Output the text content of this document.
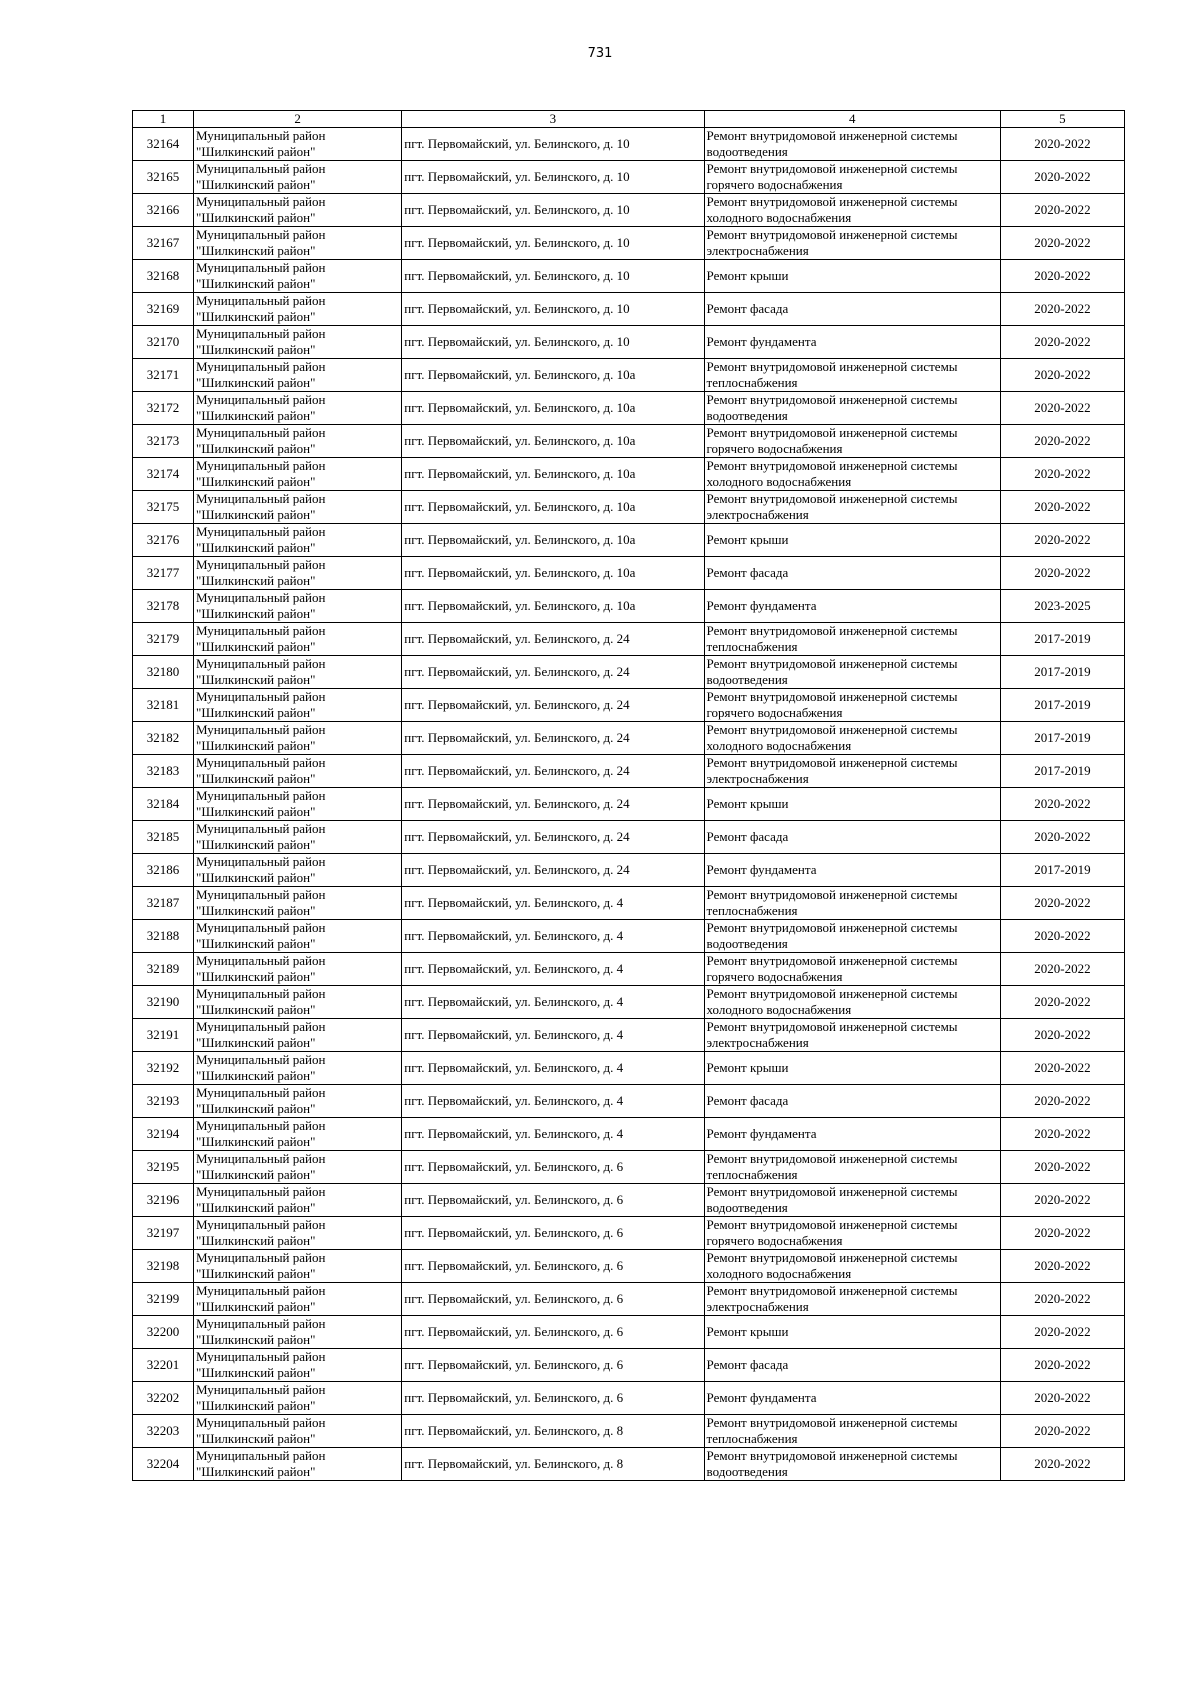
731
1	2	3	4	5
32164	Муниципальный район "Шилкинский район"	пгт. Первомайский, ул. Белинского, д. 10	Ремонт внутридомовой инженерной системы водоотведения	2020-2022
32165	Муниципальный район "Шилкинский район"	пгт. Первомайский, ул. Белинского, д. 10	Ремонт внутридомовой инженерной системы горячего водоснабжения	2020-2022
32166	Муниципальный район "Шилкинский район"	пгт. Первомайский, ул. Белинского, д. 10	Ремонт внутридомовой инженерной системы холодного водоснабжения	2020-2022
32167	Муниципальный район "Шилкинский район"	пгт. Первомайский, ул. Белинского, д. 10	Ремонт внутридомовой инженерной системы электроснабжения	2020-2022
32168	Муниципальный район "Шилкинский район"	пгт. Первомайский, ул. Белинского, д. 10	Ремонт крыши	2020-2022
32169	Муниципальный район "Шилкинский район"	пгт. Первомайский, ул. Белинского, д. 10	Ремонт фасада	2020-2022
32170	Муниципальный район "Шилкинский район"	пгт. Первомайский, ул. Белинского, д. 10	Ремонт фундамента	2020-2022
32171	Муниципальный район "Шилкинский район"	пгт. Первомайский, ул. Белинского, д. 10а	Ремонт внутридомовой инженерной системы теплоснабжения	2020-2022
32172	Муниципальный район "Шилкинский район"	пгт. Первомайский, ул. Белинского, д. 10а	Ремонт внутридомовой инженерной системы водоотведения	2020-2022
32173	Муниципальный район "Шилкинский район"	пгт. Первомайский, ул. Белинского, д. 10а	Ремонт внутридомовой инженерной системы горячего водоснабжения	2020-2022
32174	Муниципальный район "Шилкинский район"	пгт. Первомайский, ул. Белинского, д. 10а	Ремонт внутридомовой инженерной системы холодного водоснабжения	2020-2022
32175	Муниципальный район "Шилкинский район"	пгт. Первомайский, ул. Белинского, д. 10а	Ремонт внутридомовой инженерной системы электроснабжения	2020-2022
32176	Муниципальный район "Шилкинский район"	пгт. Первомайский, ул. Белинского, д. 10а	Ремонт крыши	2020-2022
32177	Муниципальный район "Шилкинский район"	пгт. Первомайский, ул. Белинского, д. 10а	Ремонт фасада	2020-2022
32178	Муниципальный район "Шилкинский район"	пгт. Первомайский, ул. Белинского, д. 10а	Ремонт фундамента	2023-2025
32179	Муниципальный район "Шилкинский район"	пгт. Первомайский, ул. Белинского, д. 24	Ремонт внутридомовой инженерной системы теплоснабжения	2017-2019
32180	Муниципальный район "Шилкинский район"	пгт. Первомайский, ул. Белинского, д. 24	Ремонт внутридомовой инженерной системы водоотведения	2017-2019
32181	Муниципальный район "Шилкинский район"	пгт. Первомайский, ул. Белинского, д. 24	Ремонт внутридомовой инженерной системы горячего водоснабжения	2017-2019
32182	Муниципальный район "Шилкинский район"	пгт. Первомайский, ул. Белинского, д. 24	Ремонт внутридомовой инженерной системы холодного водоснабжения	2017-2019
32183	Муниципальный район "Шилкинский район"	пгт. Первомайский, ул. Белинского, д. 24	Ремонт внутридомовой инженерной системы электроснабжения	2017-2019
32184	Муниципальный район "Шилкинский район"	пгт. Первомайский, ул. Белинского, д. 24	Ремонт крыши	2020-2022
32185	Муниципальный район "Шилкинский район"	пгт. Первомайский, ул. Белинского, д. 24	Ремонт фасада	2020-2022
32186	Муниципальный район "Шилкинский район"	пгт. Первомайский, ул. Белинского, д. 24	Ремонт фундамента	2017-2019
32187	Муниципальный район "Шилкинский район"	пгт. Первомайский, ул. Белинского, д. 4	Ремонт внутридомовой инженерной системы теплоснабжения	2020-2022
32188	Муниципальный район "Шилкинский район"	пгт. Первомайский, ул. Белинского, д. 4	Ремонт внутридомовой инженерной системы водоотведения	2020-2022
32189	Муниципальный район "Шилкинский район"	пгт. Первомайский, ул. Белинского, д. 4	Ремонт внутридомовой инженерной системы горячего водоснабжения	2020-2022
32190	Муниципальный район "Шилкинский район"	пгт. Первомайский, ул. Белинского, д. 4	Ремонт внутридомовой инженерной системы холодного водоснабжения	2020-2022
32191	Муниципальный район "Шилкинский район"	пгт. Первомайский, ул. Белинского, д. 4	Ремонт внутридомовой инженерной системы электроснабжения	2020-2022
32192	Муниципальный район "Шилкинский район"	пгт. Первомайский, ул. Белинского, д. 4	Ремонт крыши	2020-2022
32193	Муниципальный район "Шилкинский район"	пгт. Первомайский, ул. Белинского, д. 4	Ремонт фасада	2020-2022
32194	Муниципальный район "Шилкинский район"	пгт. Первомайский, ул. Белинского, д. 4	Ремонт фундамента	2020-2022
32195	Муниципальный район "Шилкинский район"	пгт. Первомайский, ул. Белинского, д. 6	Ремонт внутридомовой инженерной системы теплоснабжения	2020-2022
32196	Муниципальный район "Шилкинский район"	пгт. Первомайский, ул. Белинского, д. 6	Ремонт внутридомовой инженерной системы водоотведения	2020-2022
32197	Муниципальный район "Шилкинский район"	пгт. Первомайский, ул. Белинского, д. 6	Ремонт внутридомовой инженерной системы горячего водоснабжения	2020-2022
32198	Муниципальный район "Шилкинский район"	пгт. Первомайский, ул. Белинского, д. 6	Ремонт внутридомовой инженерной системы холодного водоснабжения	2020-2022
32199	Муниципальный район "Шилкинский район"	пгт. Первомайский, ул. Белинского, д. 6	Ремонт внутридомовой инженерной системы электроснабжения	2020-2022
32200	Муниципальный район "Шилкинский район"	пгт. Первомайский, ул. Белинского, д. 6	Ремонт крыши	2020-2022
32201	Муниципальный район "Шилкинский район"	пгт. Первомайский, ул. Белинского, д. 6	Ремонт фасада	2020-2022
32202	Муниципальный район "Шилкинский район"	пгт. Первомайский, ул. Белинского, д. 6	Ремонт фундамента	2020-2022
32203	Муниципальный район "Шилкинский район"	пгт. Первомайский, ул. Белинского, д. 8	Ремонт внутридомовой инженерной системы теплоснабжения	2020-2022
32204	Муниципальный район "Шилкинский район"	пгт. Первомайский, ул. Белинского, д. 8	Ремонт внутридомовой инженерной системы водоотведения	2020-2022
